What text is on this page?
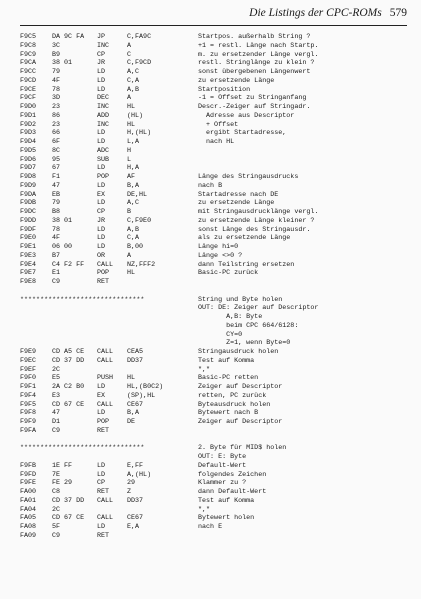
Die Listings der CPC-ROMs 579
F9C5 DA 9C FA JP	C,FA9C	Startpos. außerhalb String ?
F9C8 3C	INC	A	+1 = restl. Länge nach Startp.
F9C9 B9	CP	C	m. zu ersetzender Länge vergl.
F9CA 38 01	JR	C,F9CD	restl. Stringlänge zu klein ?
F9CC 79	LD	A,C	sonst übergebenen Längenwert
F9CD 4F	LD	C,A	zu ersetzende Länge
F9CE 78	LD	A,B	Startposition
F9CF 3D	DEC	A	-1 = Offset zu Stringanfang
F9D0 23	INC	HL	Descr.-Zeiger auf Stringadr.
F9D1 86	ADD	(HL)	Adresse aus Descriptor
F9D2 23	INC	HL	+ Offset
F9D3 66	LD	H,(HL)	ergibt Startadresse,
F9D4 6F	LD	L,A	nach HL
F9D5 8C	ADC	H
F9D6 95	SUB	L
F9D7 67	LD	H,A
F9D8 F1	POP	AF	Länge des Stringausdrucks
F9D9 47	LD	B,A	nach B
F9DA EB	EX	DE,HL	Startadresse nach DE
F9DB 79	LD	A,C	zu ersetzende Länge
F9DC B8	CP	B	mit Stringausdrucklänge vergl.
F9DD 38 01	JR	C,F9E0	zu ersetzende Länge kleiner ?
F9DF 78	LD	A,B	sonst Länge des Stringausdr.
F9E0 4F	LD	C,A	als zu ersetzende Länge
F9E1 06 00	LD	B,00	Länge hi=0
F9E3 B7	OR	A	Länge <>0 ?
F9E4 C4 F2 FF CALL NZ,FFF2	dann Teilstring ersetzen
F9E7 E1	POP	HL	Basic-PC zurück
F9E8 C9	RET
*******************************	String und Byte holen
OUT: DE: Zeiger auf Descriptor
A,B: Byte
beim CPC 664/6128:
CY=0
Z=1, wenn Byte=0
F9E9 CD A5 CE CALL CEA5	Stringausdruck holen
F9EC CD 37 DD CALL DD37	Test auf Komma
F9EF 2C	","
F9F0 E5	PUSH HL	Basic-PC retten
F9F1 2A C2 B0 LD	HL,(B0C2)	Zeiger auf Descriptor
F9F4 E3	EX	(SP),HL	retten, PC zurück
F9F5 CD 67 CE CALL CE67	Byteausdruck holen
F9F8 47	LD	B,A	Bytewert nach B
F9F9 D1	POP	DE	Zeiger auf Descriptor
F9FA C9	RET
*******************************	2. Byte für MID$ holen
OUT: E: Byte
F9FB 1E FF	LD	E,FF	Default-Wert
F9FD 7E	LD	A,(HL)	folgendes Zeichen
F9FE FE 29	CP	29	Klammer zu ?
FA00 C8	RET	Z	dann Default-Wert
FA01 CD 37 DD CALL DD37	Test auf Komma
FA04 2C	","
FA05 CD 67 CE CALL CE67	Bytewert holen
FA08 5F	LD	E,A	nach E
FA09 C9	RET
